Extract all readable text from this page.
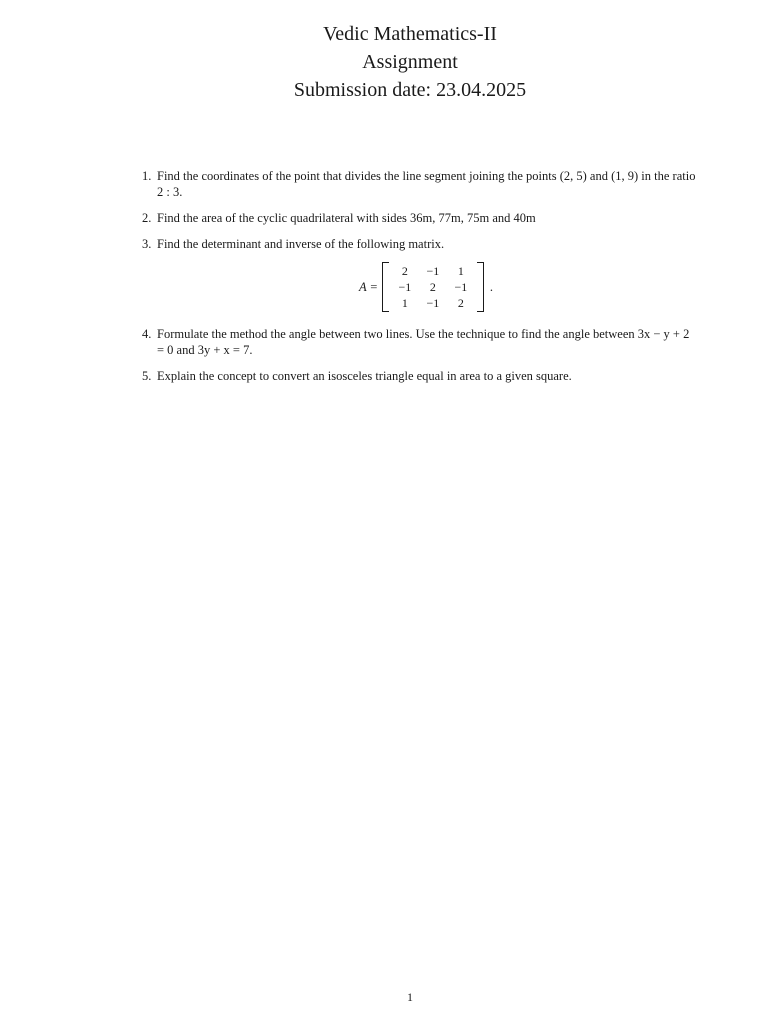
Vedic Mathematics-II
Assignment
Submission date: 23.04.2025
1. Find the coordinates of the point that divides the line segment joining the points (2, 5) and (1, 9) in the ratio 2 : 3.
2. Find the area of the cyclic quadrilateral with sides 36m, 77m, 75m and 40m
3. Find the determinant and inverse of the following matrix.
A =
2	−1	1
−1	2	−1
1	−1	2
.
4. Formulate the method the angle between two lines. Use the technique to find the angle between 3x − y + 2 = 0 and 3y + x = 7.
5. Explain the concept to convert an isosceles triangle equal in area to a given square.
1
